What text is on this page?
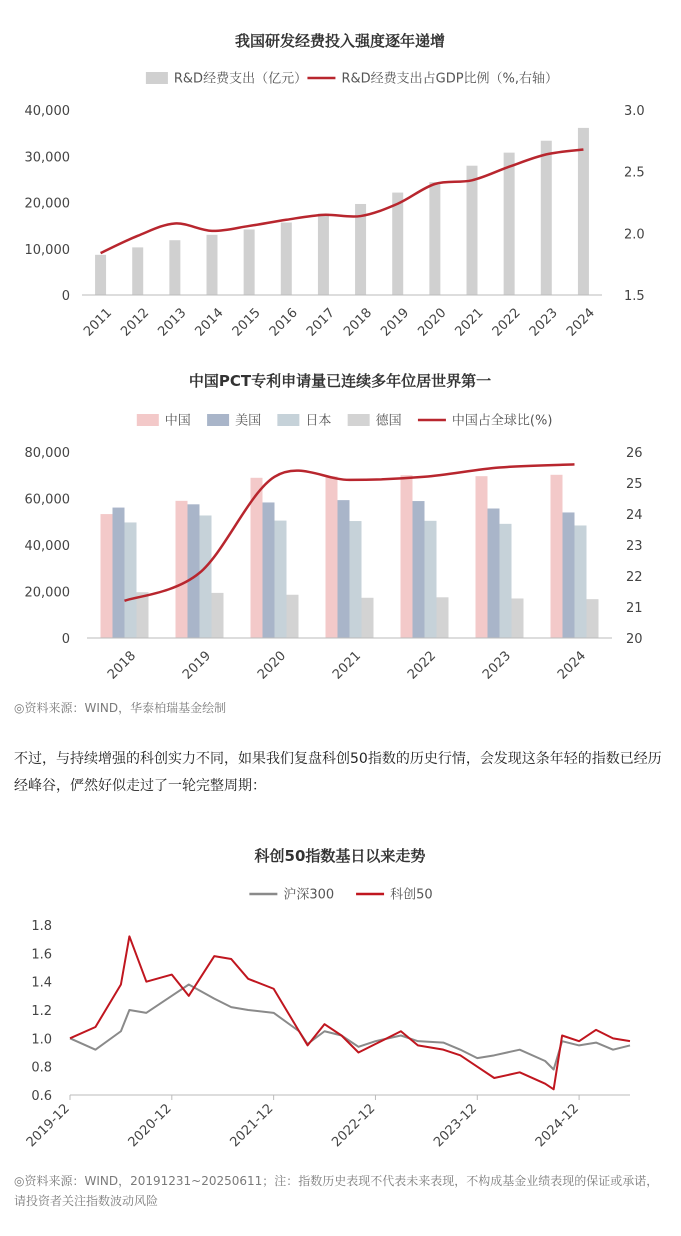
我国研发经费投入强度逐年递增
R&D经费支出（亿元）	R&D经费支出占GDP比例（%,右轴）
0
10,000
20,000
30,000
40,000
1.5
2.0
2.5
3.0
2011 2012 2013 2014 2015 2016 2017 2018 2019 2020 2021 2022 2023 2024
中国PCT专利申请量已连续多年位居世界第一
中国	美国	日本	德国	中国占全球比(%)
0
20,000
40,000
60,000
80,000
20
21
22
23
24
25
26
2018	2019	2020	2021	2022	2023	2024
◎资料来源：WIND，华泰柏瑞基金绘制
不过，与持续增强的科创实力不同，如果我们复盘科创50指数的历史行情，会发现这条年轻的指数已经历经峰谷，俨然好似走过了一轮完整周期：
科创50指数基日以来走势
沪深300	科创50
0.6
0.8
1.0
1.2
1.4
1.6
1.8
2019-12	2020-12	2021-12	2022-12	2023-12	2024-12
◎资料来源：WIND，20191231~20250611；注：指数历史表现不代表未来表现，不构成基金业绩表现的保证或承诺，请投资者关注指数波动风险
